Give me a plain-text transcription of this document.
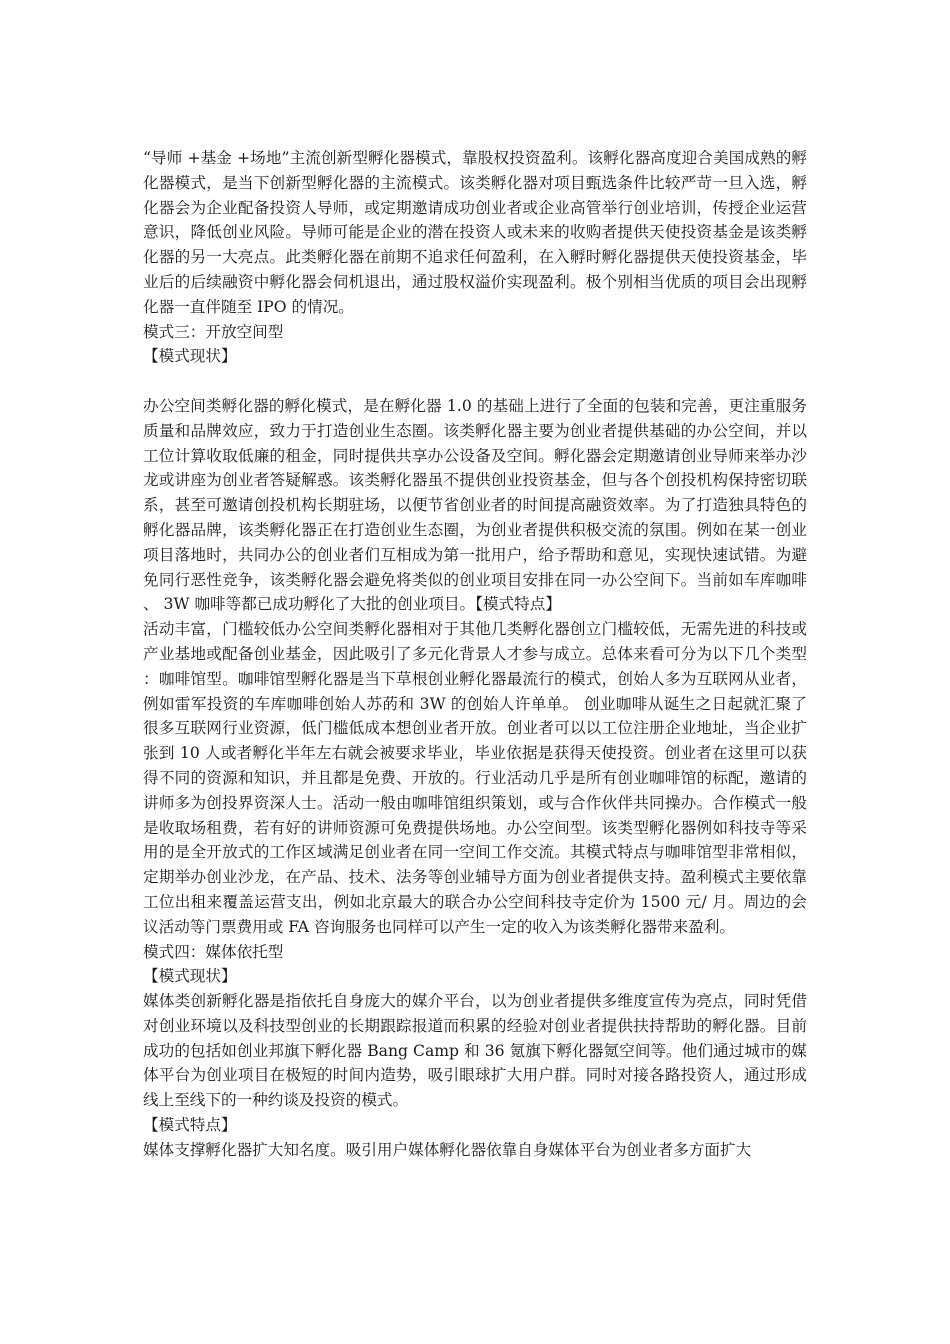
“导师 +基金 +场地”主流创新型孵化器模式，靠股权投资盈利。该孵化器高度迎合美国成熟的孵化器模式，是当下创新型孵化器的主流模式。该类孵化器对项目甄选条件比较严苛一旦入选，孵化器会为企业配备投资人导师，或定期邀请成功创业者或企业高管举行创业培训，传授企业运营意识，降低创业风险。导师可能是企业的潜在投资人或未来的收购者提供天使投资基金是该类孵化器的另一大亮点。此类孵化器在前期不追求任何盈利，在入孵时孵化器提供天使投资基金，毕业后的后续融资中孵化器会伺机退出，通过股权溢价实现盈利。极个别相当优质的项目会出现孵化器一直伴随至 IPO 的情况。

模式三：开放空间型

【模式现状】

办公空间类孵化器的孵化模式，是在孵化器 1.0 的基础上进行了全面的包装和完善，更注重服务质量和品牌效应，致力于打造创业生态圈。该类孵化器主要为创业者提供基础的办公空间，并以工位计算收取低廉的租金，同时提供共享办公设备及空间。孵化器会定期邀请创业导师来举办沙龙或讲座为创业者答疑解惑。该类孵化器虽不提供创业投资基金，但与各个创投机构保持密切联系，甚至可邀请创投机构长期驻场，以便节省创业者的时间提高融资效率。为了打造独具特色的孵化器品牌，该类孵化器正在打造创业生态圈，为创业者提供积极交流的氛围。例如在某一创业项目落地时，共同办公的创业者们互相成为第一批用户，给予帮助和意见，实现快速试错。为避免同行恶性竞争，该类孵化器会避免将类似的创业项目安排在同一办公空间下。当前如车库咖啡、 3W 咖啡等都已成功孵化了大批的创业项目。【模式特点】

活动丰富，门槛较低办公空间类孵化器相对于其他几类孵化器创立门槛较低，无需先进的科技或产业基地或配备创业基金，因此吸引了多元化背景人才参与成立。总体来看可分为以下几个类型：咖啡馆型。咖啡馆型孵化器是当下草根创业孵化器最流行的模式，创始人多为互联网从业者，例如雷军投资的车库咖啡创始人苏菂和 3W 的创始人许单单。 创业咖啡从诞生之日起就汇聚了很多互联网行业资源，低门槛低成本想创业者开放。创业者可以以工位注册企业地址，当企业扩张到 10 人或者孵化半年左右就会被要求毕业，毕业依据是获得天使投资。创业者在这里可以获得不同的资源和知识，并且都是免费、开放的。行业活动几乎是所有创业咖啡馆的标配，邀请的讲师多为创投界资深人士。活动一般由咖啡馆组织策划，或与合作伙伴共同操办。合作模式一般是收取场租费，若有好的讲师资源可免费提供场地。办公空间型。该类型孵化器例如科技寺等采用的是全开放式的工作区域满足创业者在同一空间工作交流。其模式特点与咖啡馆型非常相似，定期举办创业沙龙，在产品、技术、法务等创业辅导方面为创业者提供支持。盈利模式主要依靠工位出租来覆盖运营支出，例如北京最大的联合办公空间科技寺定价为 1500 元/ 月。周边的会议活动等门票费用或 FA 咨询服务也同样可以产生一定的收入为该类孵化器带来盈利。

模式四：媒体依托型

【模式现状】

媒体类创新孵化器是指依托自身庞大的媒介平台，以为创业者提供多维度宣传为亮点，同时凭借对创业环境以及科技型创业的长期跟踪报道而积累的经验对创业者提供扶持帮助的孵化器。目前成功的包括如创业邦旗下孵化器 Bang Camp 和 36 氪旗下孵化器氪空间等。他们通过城市的媒体平台为创业项目在极短的时间内造势，吸引眼球扩大用户群。同时对接各路投资人，通过形成线上至线下的一种约谈及投资的模式。

【模式特点】

媒体支撑孵化器扩大知名度。吸引用户媒体孵化器依靠自身媒体平台为创业者多方面扩大
